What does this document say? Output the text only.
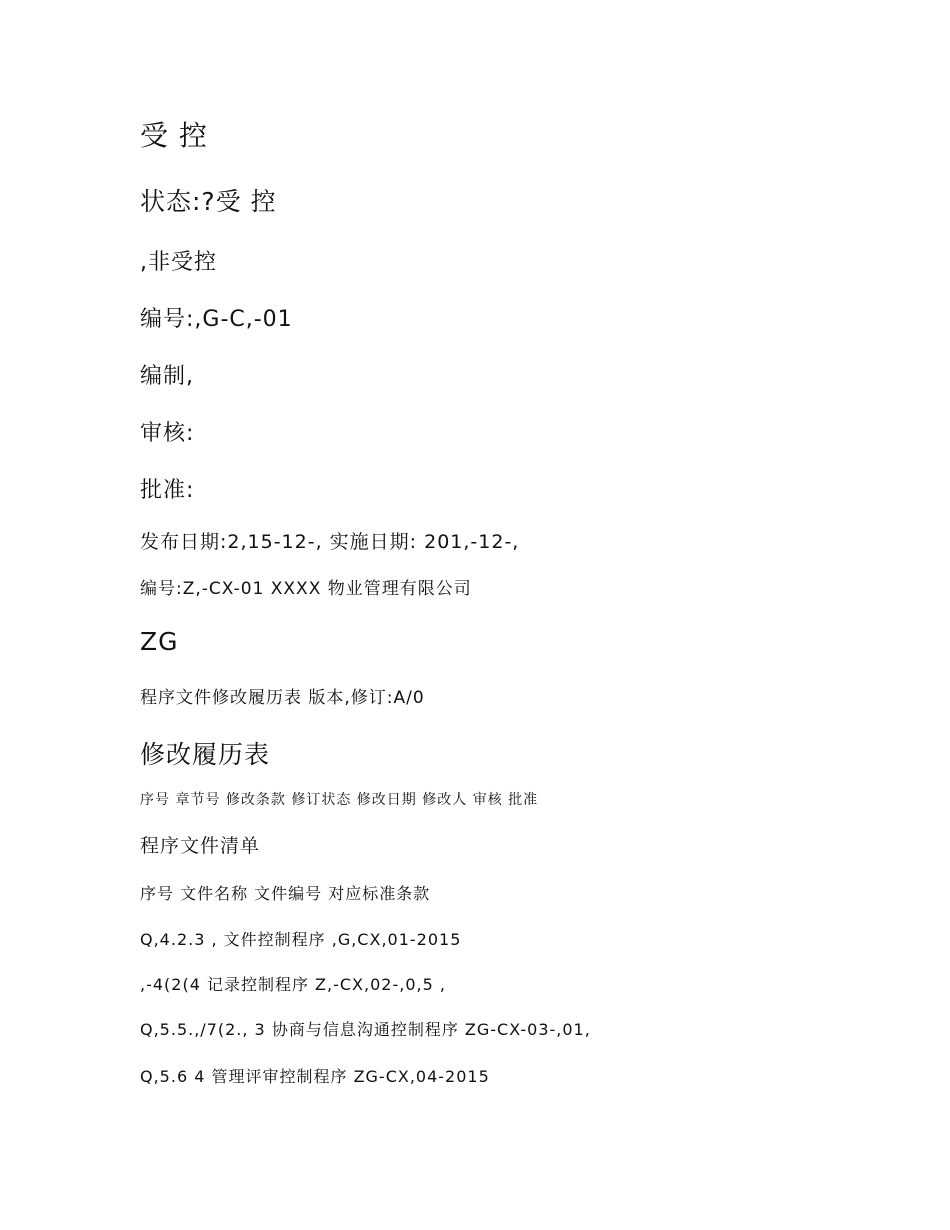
受 控
状态:?受 控
,非受控
编号:,G-C,-01
编制,
审核:
批准:
发布日期:2,15-12-, 实施日期: 201,-12-,
编号:Z,-CX-01 XXXX 物业管理有限公司
ZG
程序文件修改履历表 版本,修订:A/0
修改履历表
序号 章节号 修改条款 修订状态 修改日期 修改人 审核 批准
程序文件清单
序号 文件名称 文件编号 对应标准条款
Q,4.2.3 , 文件控制程序 ,G,CX,01-2015
,-4(2(4 记录控制程序 Z,-CX,02-,0,5 ,
Q,5.5.,/7(2., 3 协商与信息沟通控制程序 ZG-CX-03-,01,
Q,5.6 4 管理评审控制程序 ZG-CX,04-2015
